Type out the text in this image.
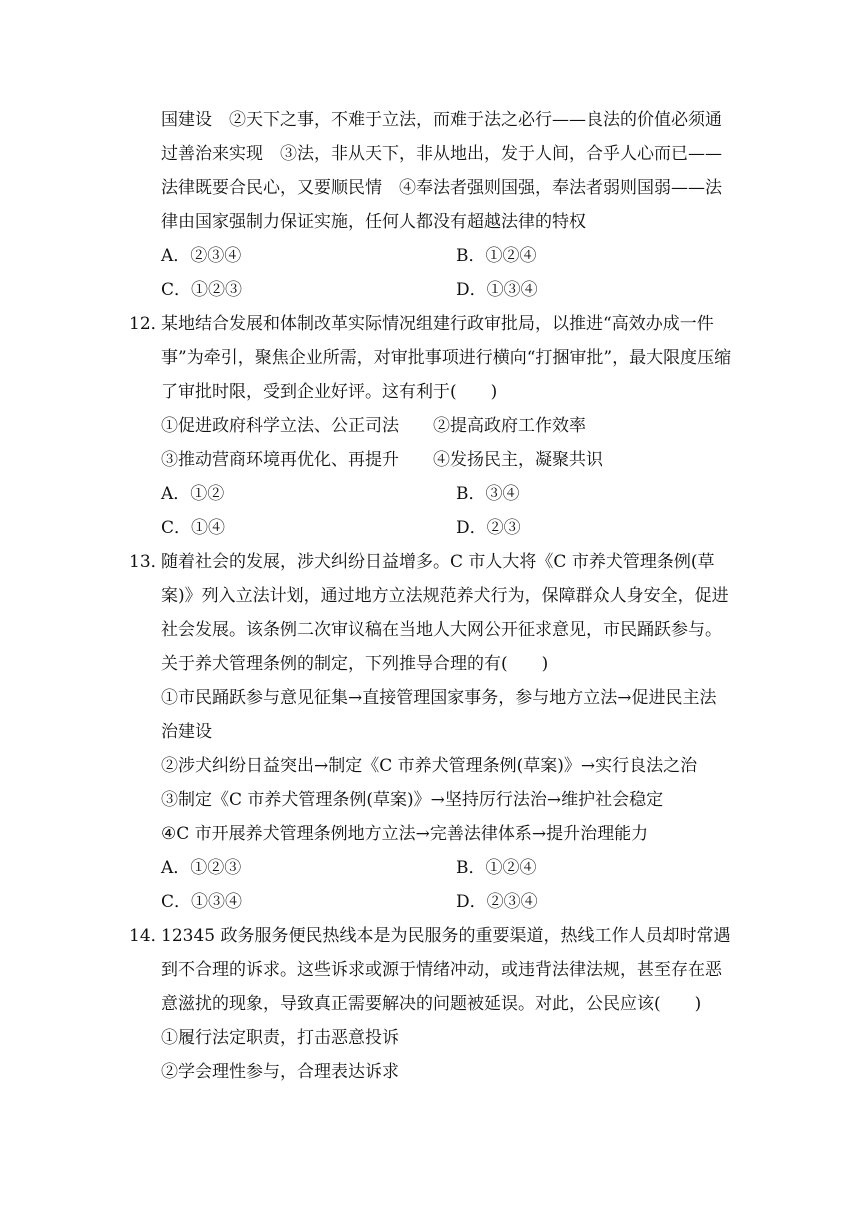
国建设　②天下之事，不难于立法，而难于法之必行——良法的价值必须通
过善治来实现　③法，非从天下，非从地出，发于人间，合乎人心而已——
法律既要合民心，又要顺民情　④奉法者强则国强，奉法者弱则国弱——法
律由国家强制力保证实施，任何人都没有超越法律的特权
A．②③④	B．①②④
C．①②③	D．①③④
12．某地结合发展和体制改革实际情况组建行政审批局，以推进“高效办成一件
事”为牵引，聚焦企业所需，对审批事项进行横向“打捆审批”，最大限度压缩
了审批时限，受到企业好评。这有利于( )
①促进政府科学立法、公正司法　　②提高政府工作效率
③推动营商环境再优化、再提升　　④发扬民主，凝聚共识
A．①②	B．③④
C．①④	D．②③
13．随着社会的发展，涉犬纠纷日益增多。C 市人大将《C 市养犬管理条例(草
案)》列入立法计划，通过地方立法规范养犬行为，保障群众人身安全，促进
社会发展。该条例二次审议稿在当地人大网公开征求意见，市民踊跃参与。
关于养犬管理条例的制定，下列推导合理的有( )
①市民踊跃参与意见征集→直接管理国家事务，参与地方立法→促进民主法
治建设
②涉犬纠纷日益突出→制定《C 市养犬管理条例(草案)》→实行良法之治
③制定《C 市养犬管理条例(草案)》→坚持厉行法治→维护社会稳定
④C 市开展养犬管理条例地方立法→完善法律体系→提升治理能力
A．①②③	B．①②④
C．①③④	D．②③④
14．12345 政务服务便民热线本是为民服务的重要渠道，热线工作人员却时常遇
到不合理的诉求。这些诉求或源于情绪冲动，或违背法律法规，甚至存在恶
意滋扰的现象，导致真正需要解决的问题被延误。对此，公民应该( )
①履行法定职责，打击恶意投诉
②学会理性参与，合理表达诉求
